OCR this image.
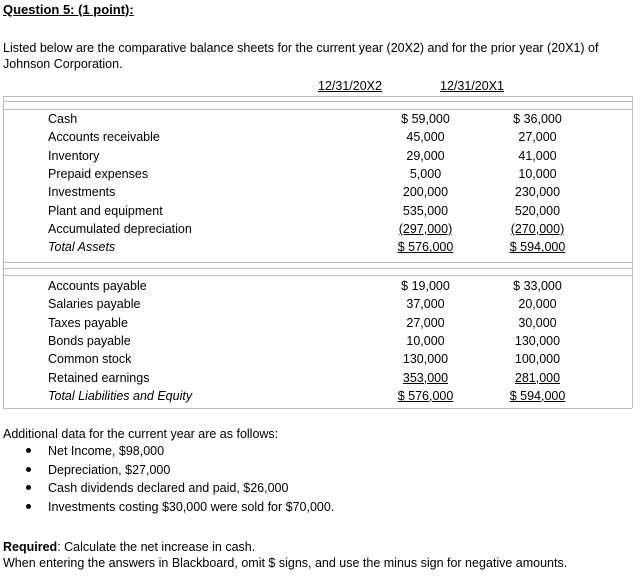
Question 5: (1 point):
Listed below are the comparative balance sheets for the current year (20X2) and for the prior year (20X1) of Johnson Corporation.
12/31/20X2	12/31/20X1
Cash	$ 59,000	$ 36,000
Accounts receivable	45,000	27,000
Inventory	29,000	41,000
Prepaid expenses	5,000	10,000
Investments	200,000	230,000
Plant and equipment	535,000	520,000
Accumulated depreciation	(297,000)	(270,000)
Total Assets	$ 576,000	$ 594,000
Accounts payable	$ 19,000	$ 33,000
Salaries payable	37,000	20,000
Taxes payable	27,000	30,000
Bonds payable	10,000	130,000
Common stock	130,000	100,000
Retained earnings	353,000	281,000
Total Liabilities and Equity	$ 576,000	$ 594,000
Additional data for the current year are as follows:
Net Income, $98,000
Depreciation, $27,000
Cash dividends declared and paid, $26,000
Investments costing $30,000 were sold for $70,000.
Required: Calculate the net increase in cash.
When entering the answers in Blackboard, omit $ signs, and use the minus sign for negative amounts.
